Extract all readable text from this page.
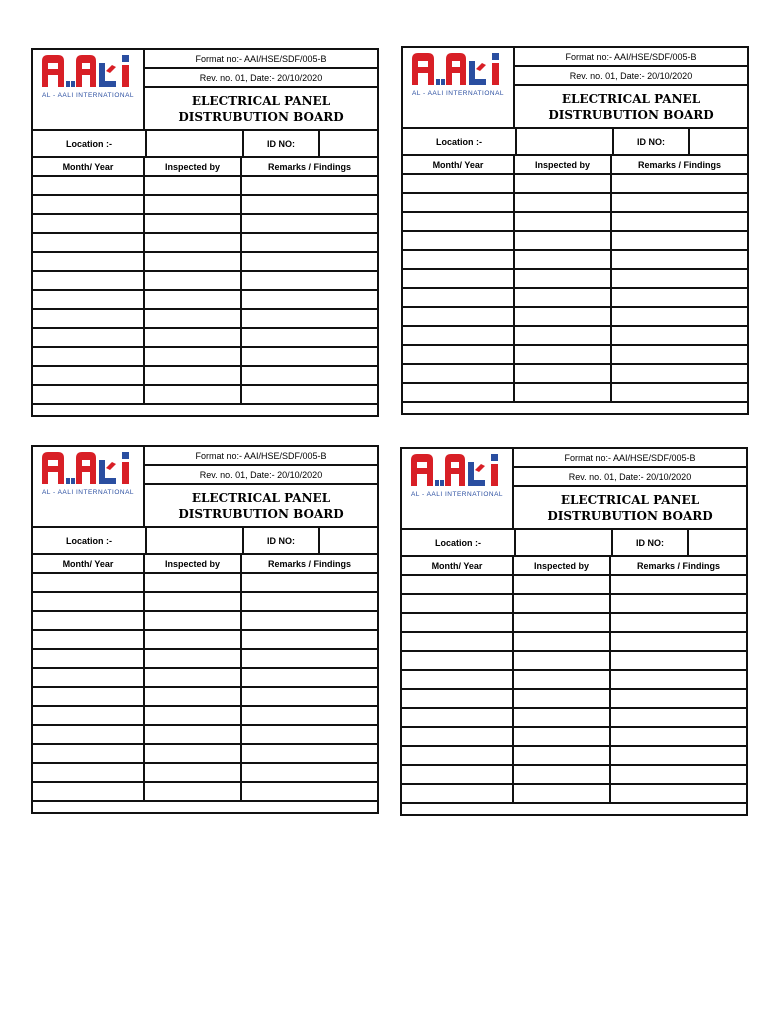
AL - AALI INTERNATIONAL
Format no:- AAI/HSE/SDF/005-B
Rev. no. 01, Date:- 20/10/2020
ELECTRICAL PANEL DISTRUBUTION BOARD
Location :-	ID NO:
Month/ Year	Inspected by	Remarks / Findings
AL - AALI INTERNATIONAL
Format no:- AAI/HSE/SDF/005-B
Rev. no. 01, Date:- 20/10/2020
ELECTRICAL PANEL DISTRUBUTION BOARD
Location :-	ID NO:
Month/ Year	Inspected by	Remarks / Findings
AL - AALI INTERNATIONAL
Format no:- AAI/HSE/SDF/005-B
Rev. no. 01, Date:- 20/10/2020
ELECTRICAL PANEL DISTRUBUTION BOARD
Location :-	ID NO:
Month/ Year	Inspected by	Remarks / Findings
AL - AALI INTERNATIONAL
Format no:- AAI/HSE/SDF/005-B
Rev. no. 01, Date:- 20/10/2020
ELECTRICAL PANEL DISTRUBUTION BOARD
Location :-	ID NO:
Month/ Year	Inspected by	Remarks / Findings
